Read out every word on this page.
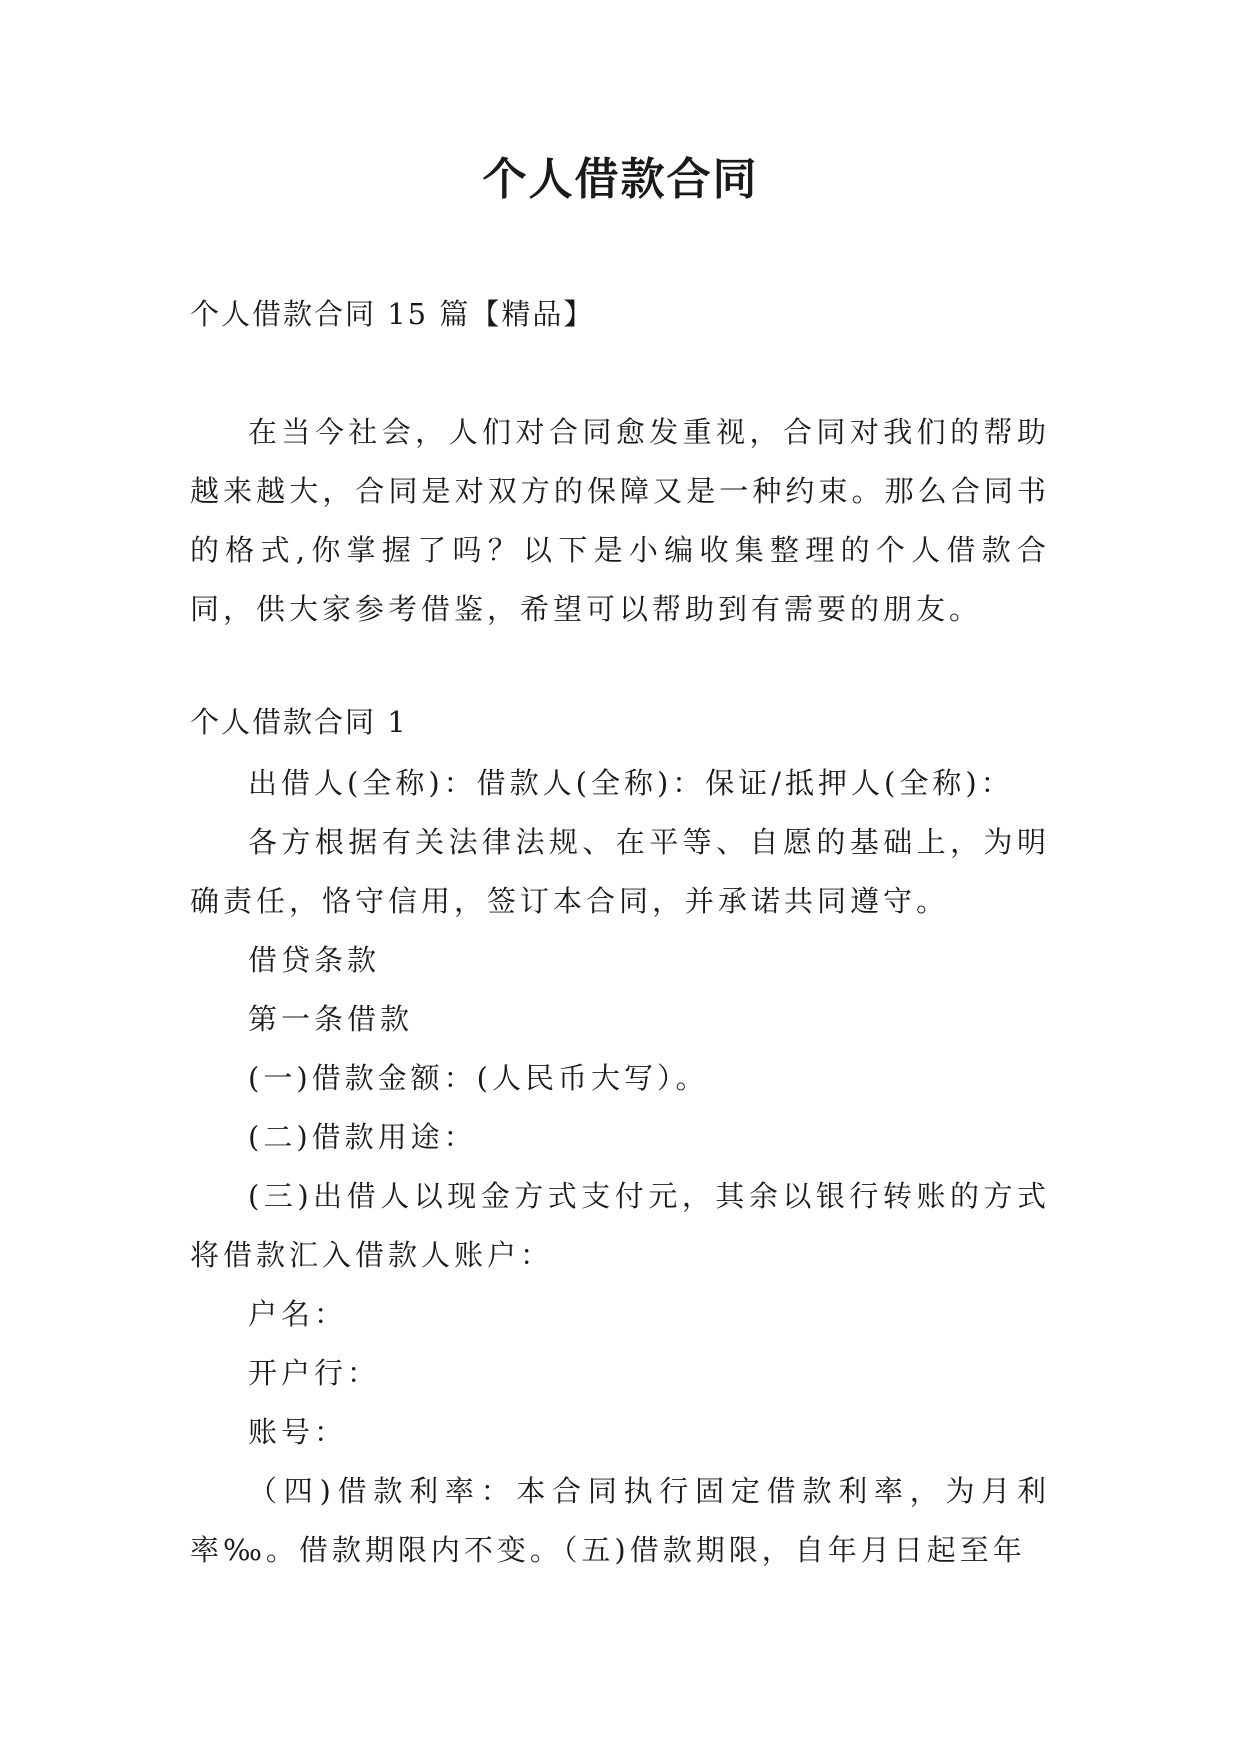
个人借款合同
个人借款合同 15 篇【精品】
在当今社会，人们对合同愈发重视，合同对我们的帮助越来越大，合同是对双方的保障又是一种约束。那么合同书的格式,你掌握了吗？以下是小编收集整理的个人借款合同，供大家参考借鉴，希望可以帮助到有需要的朋友。
个人借款合同 1

出借人(全称)：借款人(全称)：保证/抵押人(全称)：

各方根据有关法律法规、在平等、自愿的基础上，为明确责任，恪守信用，签订本合同，并承诺共同遵守。

借贷条款

第一条借款

(一)借款金额：(人民币大写）。

(二)借款用途：

(三)出借人以现金方式支付元，其余以银行转账的方式将借款汇入借款人账户：

户名：

开户行：

账号：

（四)借款利率：本合同执行固定借款利率，为月利率‰。借款期限内不变。（五)借款期限，自年月日起至年
